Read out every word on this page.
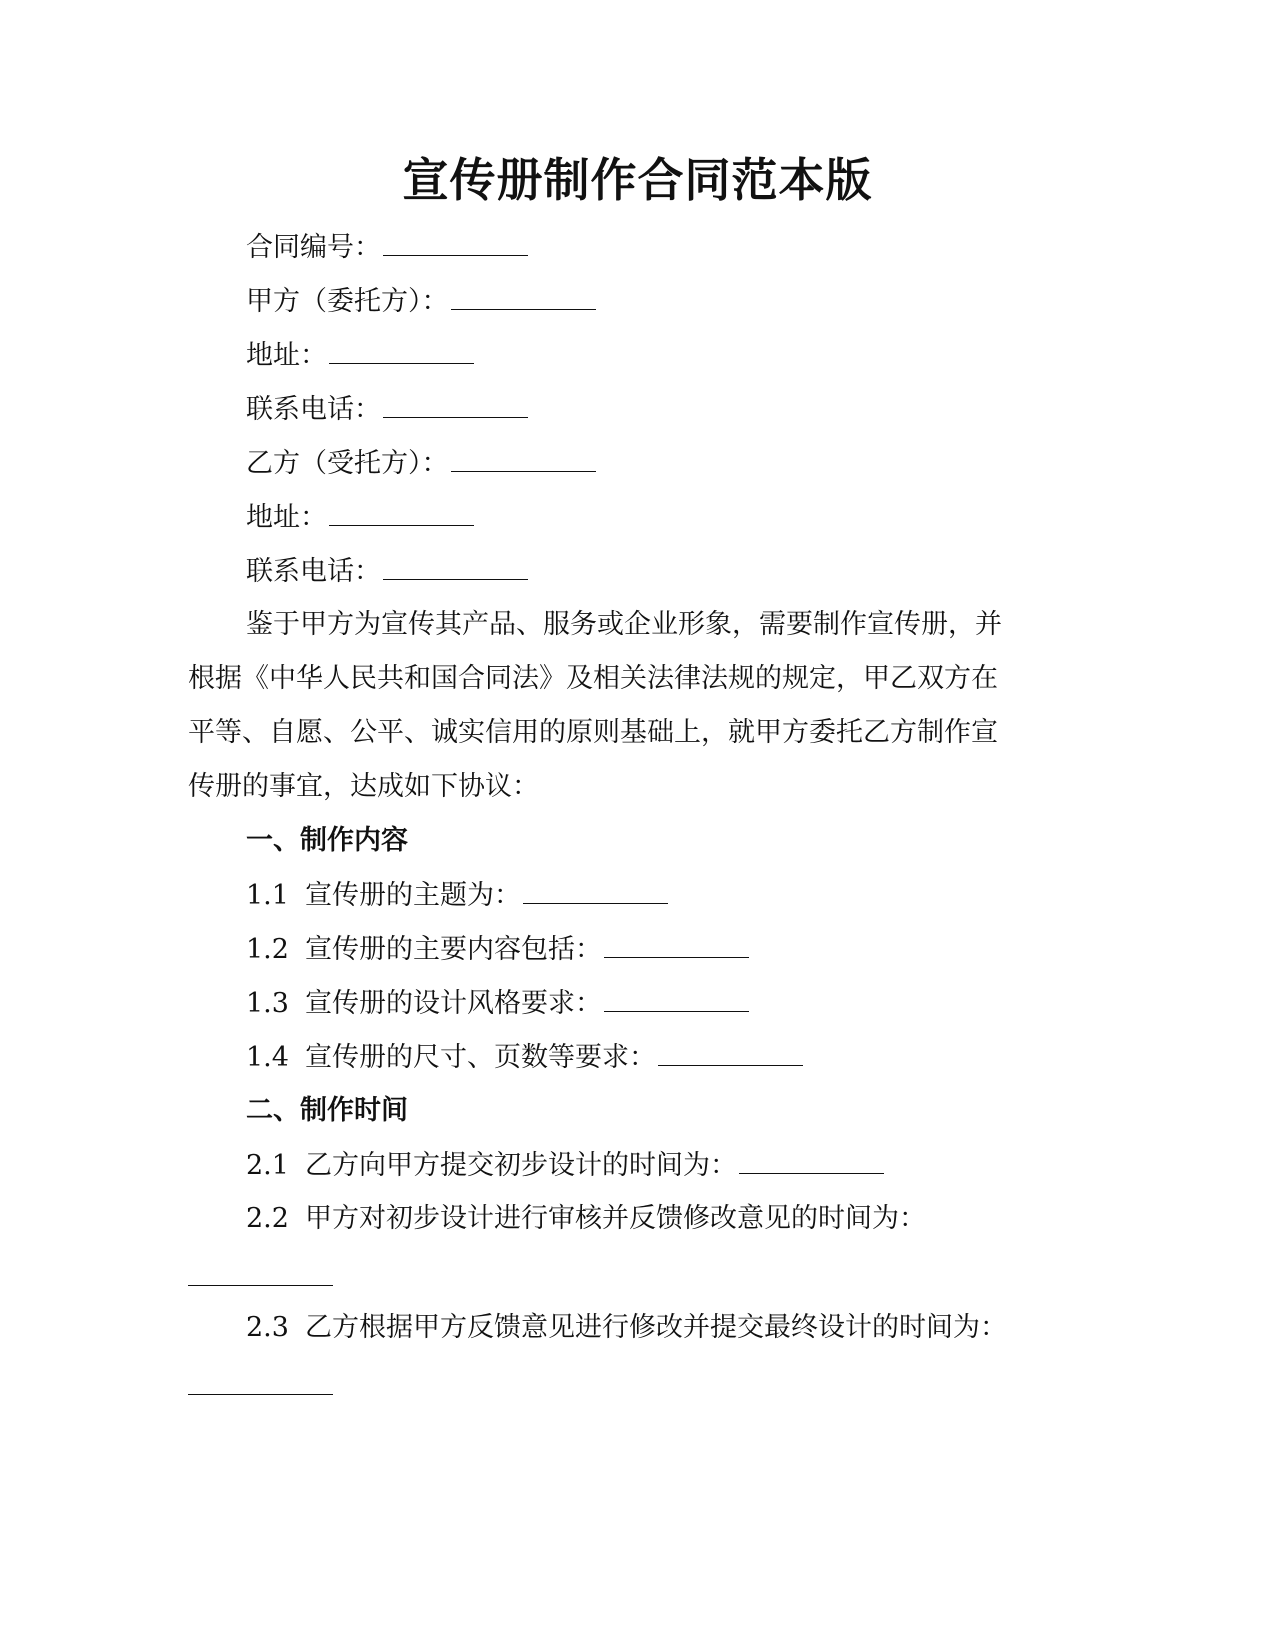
宣传册制作合同范本版
合同编号：
甲方（委托方）：
地址：
联系电话：
乙方（受托方）：
地址：
联系电话：
鉴于甲方为宣传其产品、服务或企业形象，需要制作宣传册，并
根据《中华人民共和国合同法》及相关法律法规的规定，甲乙双方在
平等、自愿、公平、诚实信用的原则基础上，就甲方委托乙方制作宣
传册的事宜，达成如下协议：
一、制作内容
1.1 宣传册的主题为：
1.2 宣传册的主要内容包括：
1.3 宣传册的设计风格要求：
1.4 宣传册的尺寸、页数等要求：
二、制作时间
2.1 乙方向甲方提交初步设计的时间为：
2.2 甲方对初步设计进行审核并反馈修改意见的时间为：
2.3 乙方根据甲方反馈意见进行修改并提交最终设计的时间为：
